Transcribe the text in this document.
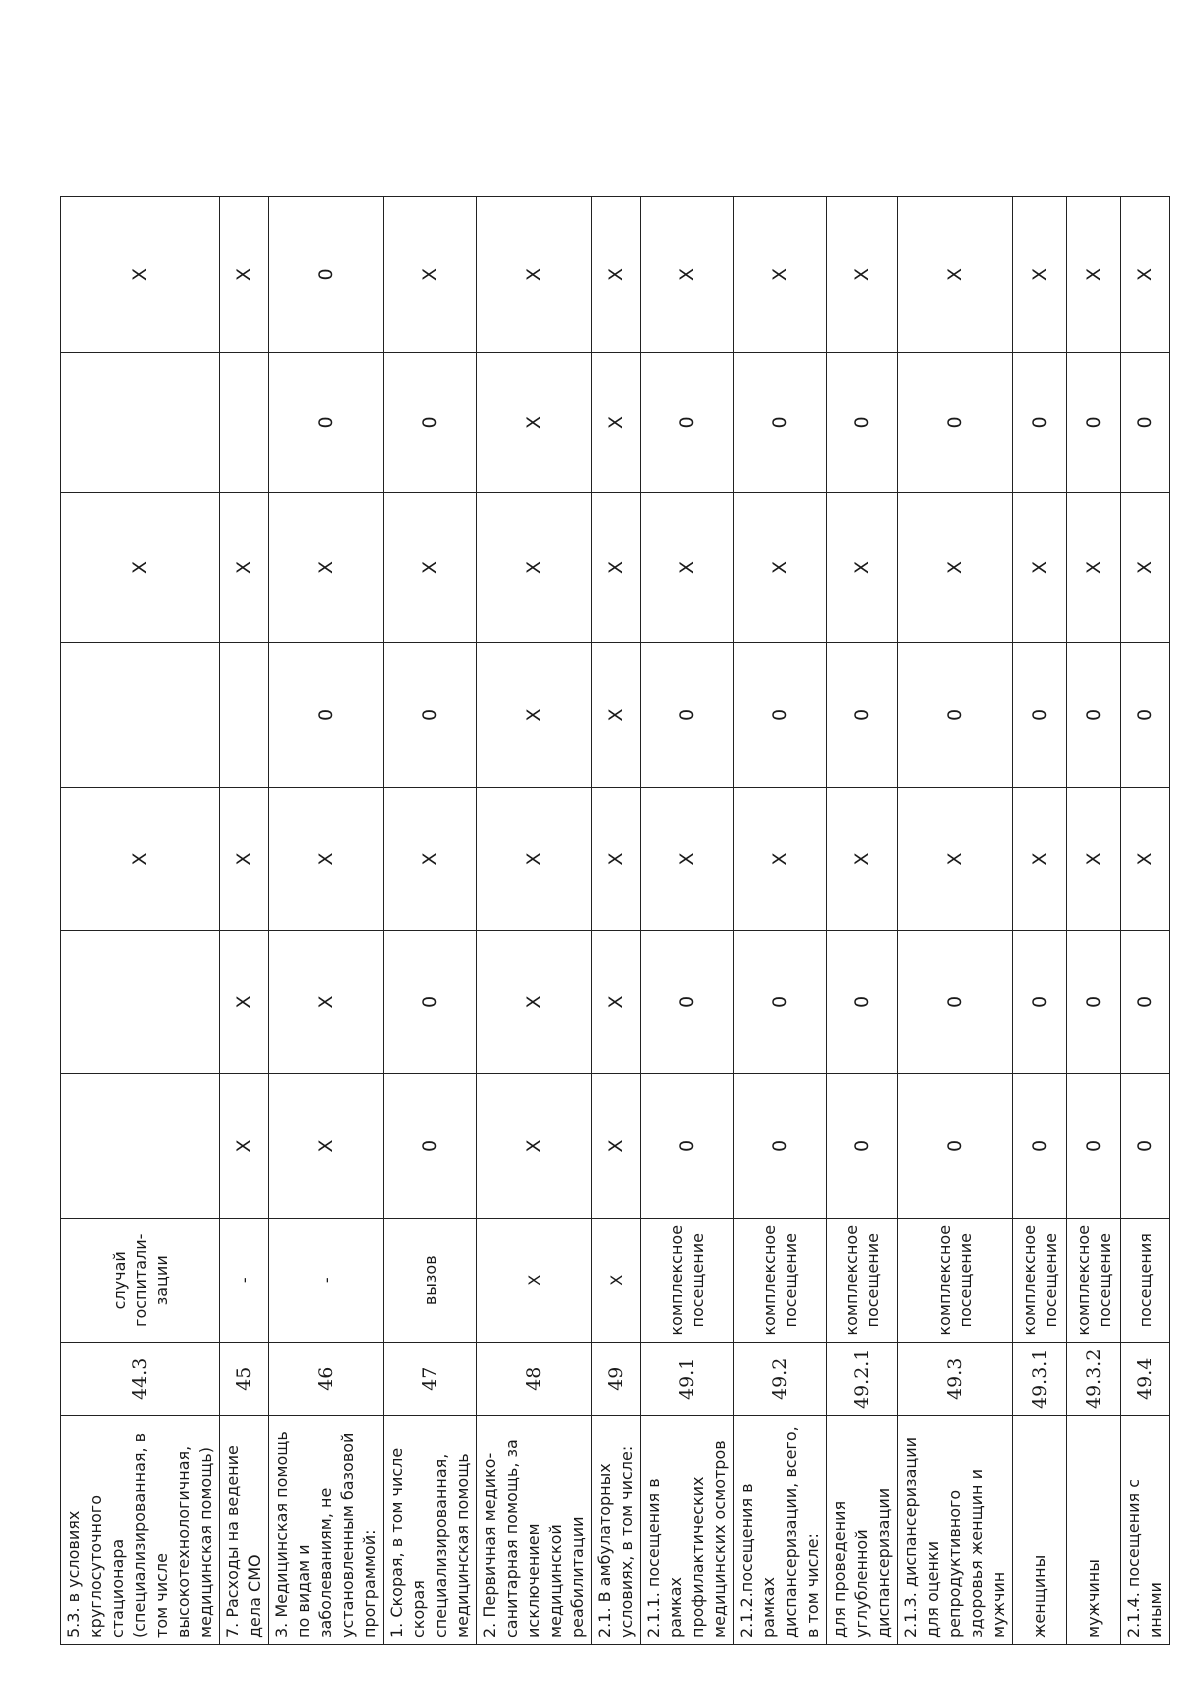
5.3. в условиях круглосуточного стационара (специализированная, в том числе высокотехнологичная, медицинская помощь)	44.3	случай госпитали-зации			X		X		X
7. Расходы на ведение дела СМО	45	-	X	X	X		X		X
3. Медицинская помощь по видам и заболеваниям, не установленным базовой программой:	46	-	X	X	X	0	X	0	0
1. Скорая, в том числе скорая специализированная, медицинская помощь	47	вызов	0	0	X	0	X	0	X
2. Первичная медико-санитарная помощь, за исключением медицинской реабилитации	48	X	X	X	X	X	X	X	X
2.1. В амбулаторных условиях, в том числе:	49	X	X	X	X	X	X	X	X
2.1.1. посещения в рамках профилактических медицинских осмотров	49.1	комплексное посещение	0	0	X	0	X	0	X
2.1.2.посещения в рамках диспансеризации, всего, в том числе:	49.2	комплексное посещение	0	0	X	0	X	0	X
для проведения углубленной диспансеризации	49.2.1	комплексное посещение	0	0	X	0	X	0	X
2.1.3. диспансеризации для оценки репродуктивного здоровья женщин и мужчин	49.3	комплексное посещение	0	0	X	0	X	0	X
женщины	49.3.1	комплексное посещение	0	0	X	0	X	0	X
мужчины	49.3.2	комплексное посещение	0	0	X	0	X	0	X
2.1.4. посещения с иными	49.4	посещения	0	0	X	0	X	0	X
